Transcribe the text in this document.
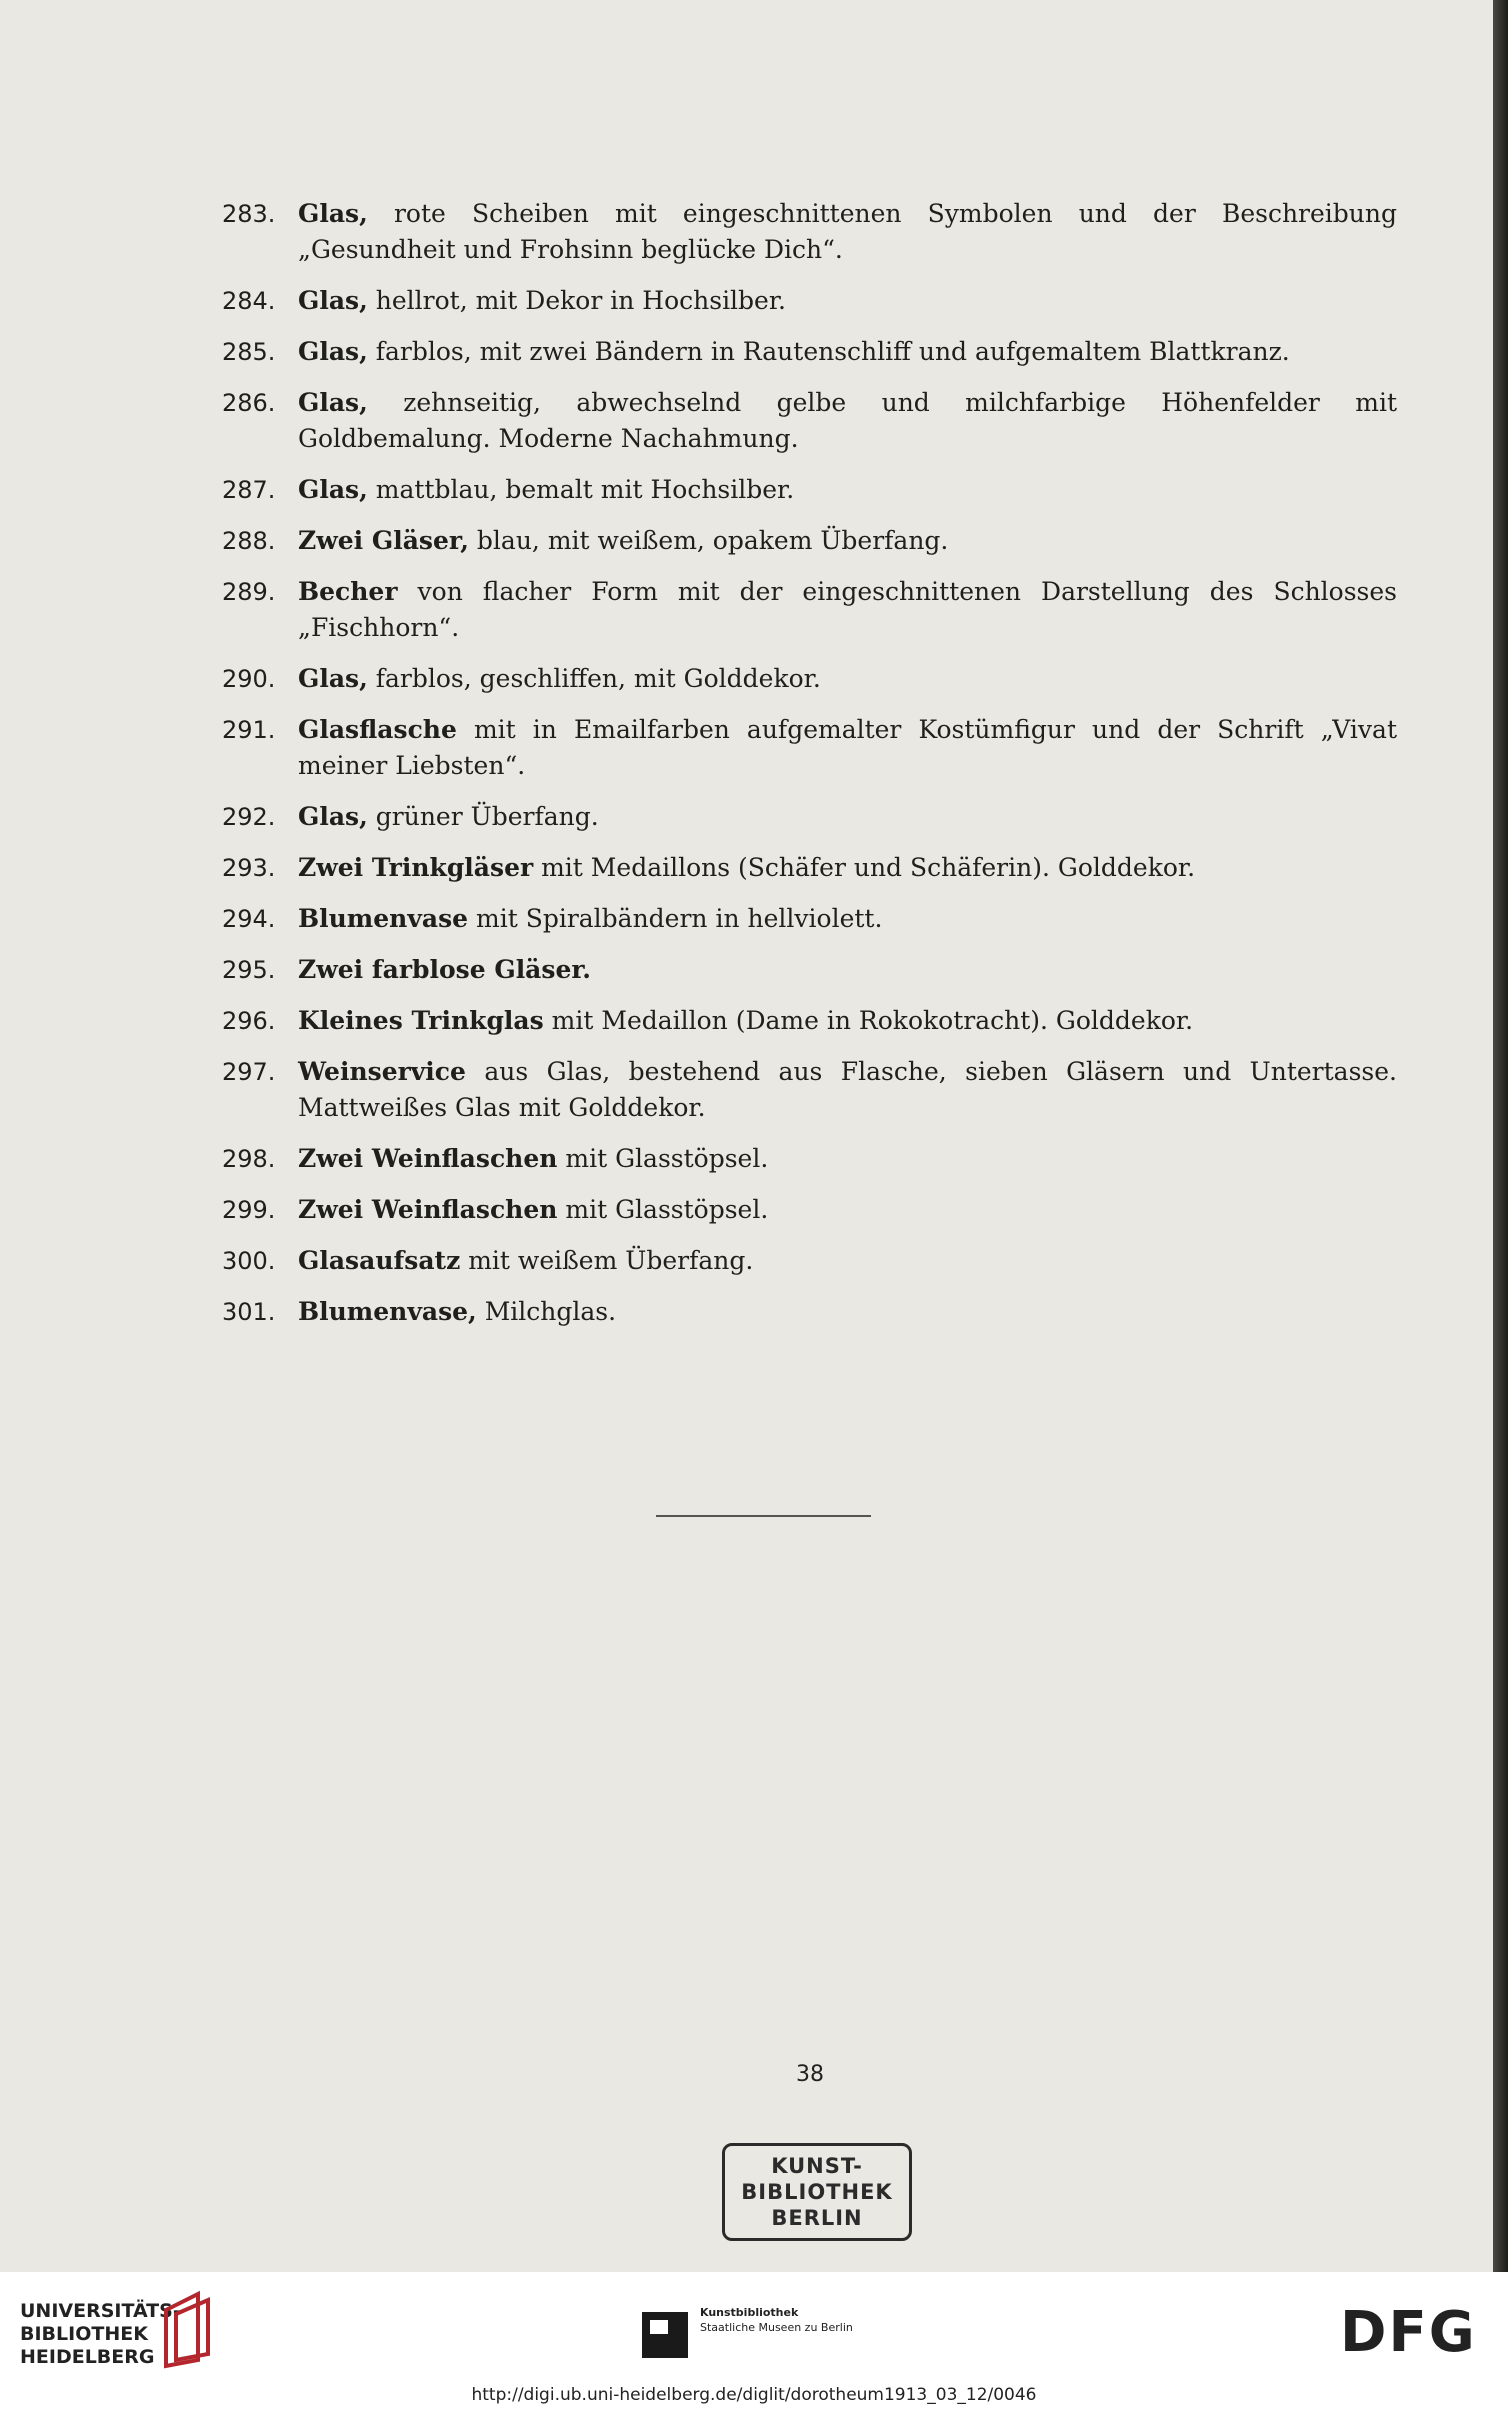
283. Glas, rote Scheiben mit eingeschnittenen Symbolen und der Beschreibung „Gesundheit und Frohsinn beglücke Dich“.
284. Glas, hellrot, mit Dekor in Hochsilber.
285. Glas, farblos, mit zwei Bändern in Rautenschliff und aufgemaltem Blattkranz.
286. Glas, zehnseitig, abwechselnd gelbe und milchfarbige Höhenfelder mit Goldbemalung. Moderne Nachahmung.
287. Glas, mattblau, bemalt mit Hochsilber.
288. Zwei Gläser, blau, mit weißem, opakem Überfang.
289. Becher von flacher Form mit der eingeschnittenen Darstellung des Schlosses „Fischhorn“.
290. Glas, farblos, geschliffen, mit Golddekor.
291. Glasflasche mit in Emailfarben aufgemalter Kostümfigur und der Schrift „Vivat meiner Liebsten“.
292. Glas, grüner Überfang.
293. Zwei Trinkgläser mit Medaillons (Schäfer und Schäferin). Golddekor.
294. Blumenvase mit Spiralbändern in hellviolett.
295. Zwei farblose Gläser.
296. Kleines Trinkglas mit Medaillon (Dame in Rokokotracht). Golddekor.
297. Weinservice aus Glas, bestehend aus Flasche, sieben Gläsern und Untertasse. Mattweißes Glas mit Golddekor.
298. Zwei Weinflaschen mit Glasstöpsel.
299. Zwei Weinflaschen mit Glasstöpsel.
300. Glasaufsatz mit weißem Überfang.
301. Blumenvase, Milchglas.
38
KUNST-
BIBLIOTHEK
BERLIN
UNIVERSITÄTS-
BIBLIOTHEK
HEIDELBERG
Kunstbibliothek
Staatliche Museen zu Berlin	DFG
http://digi.ub.uni-heidelberg.de/diglit/dorotheum1913_03_12/0046
